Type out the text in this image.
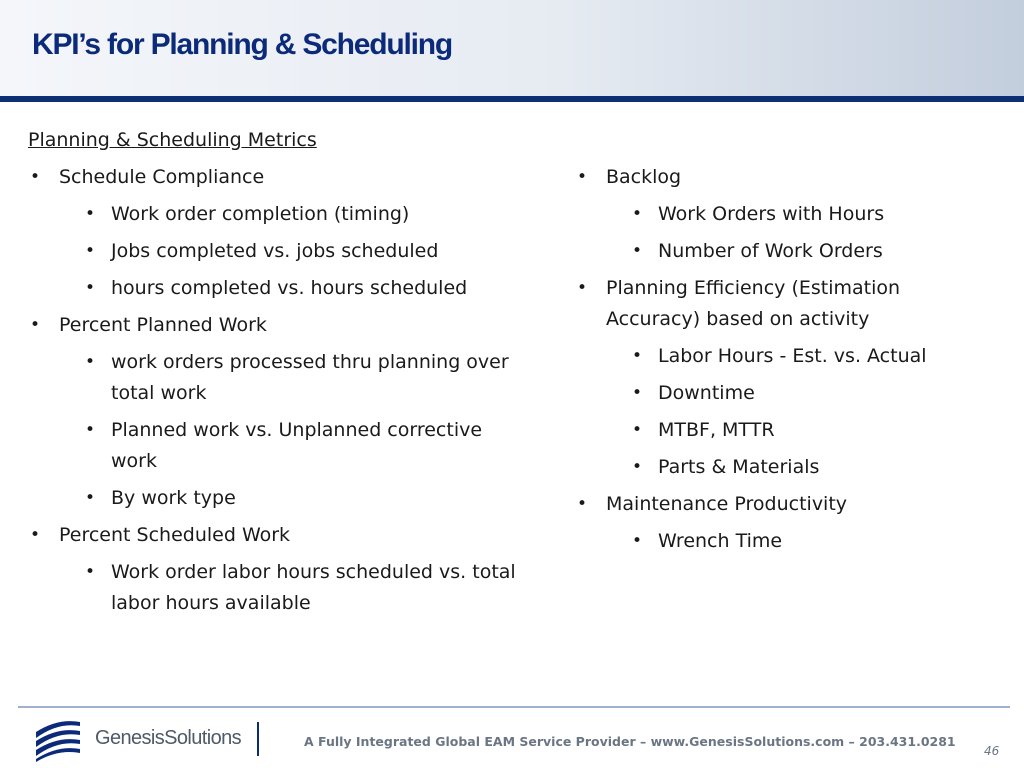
KPI’s for Planning & Scheduling
Planning & Scheduling Metrics
• Schedule Compliance
• Work order completion (timing)
• Jobs completed vs. jobs scheduled
• hours completed vs. hours scheduled
• Percent Planned Work
• work orders processed thru planning over total work
• Planned work vs. Unplanned corrective work
• By work type
• Percent Scheduled Work
• Work order labor hours scheduled vs. total labor hours available
• Backlog
• Work Orders with Hours
• Number of Work Orders
• Planning Efficiency (Estimation Accuracy) based on activity
• Labor Hours - Est. vs. Actual
• Downtime
• MTBF, MTTR
• Parts & Materials
• Maintenance Productivity
• Wrench Time
GenesisSolutions	A Fully Integrated Global EAM Service Provider – www.GenesisSolutions.com – 203.431.0281
46
